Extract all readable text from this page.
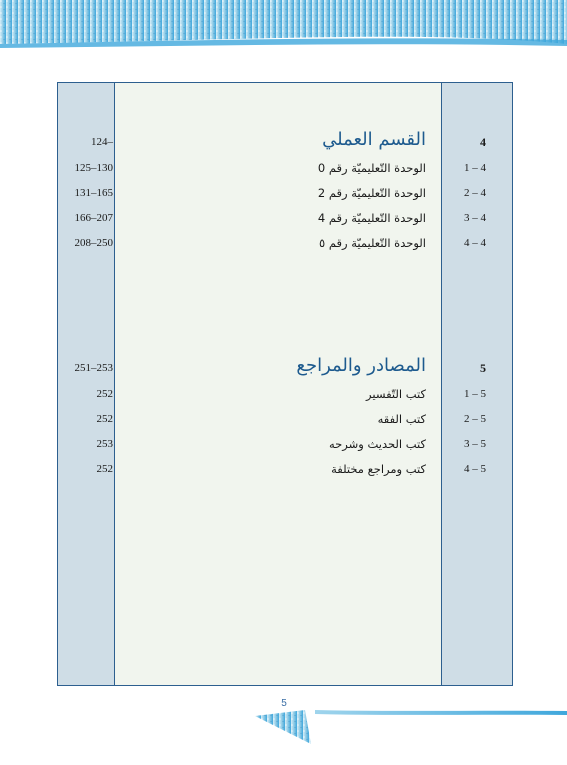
124–	القسم العملي	4
125–130	الوحدة التّعليميّة رقم 0	1 – 4
131–165	الوحدة التّعليميّة رقم 2	2 – 4
166–207	الوحدة التّعليميّة رقم 4	3 – 4
208–250	الوحدة التّعليميّة رقم ٥	4 – 4
251–253	المصادر والمراجع	5
252	كتب التّفسير	1 – 5
252	كتب الفقه	2 – 5
253	كتب الحديث وشرحه	3 – 5
252	كتب ومراجع مختلفة	4 – 5
5
